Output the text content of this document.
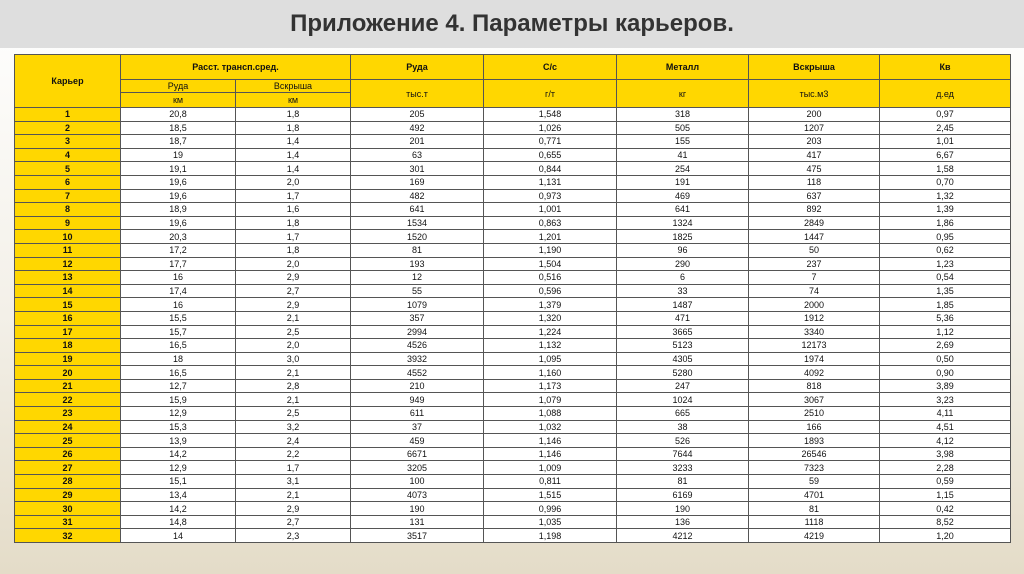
Приложение 4. Параметры карьеров.
Карьер	Расст. трансп.сред.		Руда	С/с	Металл	Вскрыша	Кв
	Руда	Вскрыша	тыс.т	г/т	кг	тыс.м3	д.ед
	км	км					
1	20,8	1,8	205	1,548	318	200	0,97
2	18,5	1,8	492	1,026	505	1207	2,45
3	18,7	1,4	201	0,771	155	203	1,01
4	19	1,4	63	0,655	41	417	6,67
5	19,1	1,4	301	0,844	254	475	1,58
6	19,6	2,0	169	1,131	191	118	0,70
7	19,6	1,7	482	0,973	469	637	1,32
8	18,9	1,6	641	1,001	641	892	1,39
9	19,6	1,8	1534	0,863	1324	2849	1,86
10	20,3	1,7	1520	1,201	1825	1447	0,95
11	17,2	1,8	81	1,190	96	50	0,62
12	17,7	2,0	193	1,504	290	237	1,23
13	16	2,9	12	0,516	6	7	0,54
14	17,4	2,7	55	0,596	33	74	1,35
15	16	2,9	1079	1,379	1487	2000	1,85
16	15,5	2,1	357	1,320	471	1912	5,36
17	15,7	2,5	2994	1,224	3665	3340	1,12
18	16,5	2,0	4526	1,132	5123	12173	2,69
19	18	3,0	3932	1,095	4305	1974	0,50
20	16,5	2,1	4552	1,160	5280	4092	0,90
21	12,7	2,8	210	1,173	247	818	3,89
22	15,9	2,1	949	1,079	1024	3067	3,23
23	12,9	2,5	611	1,088	665	2510	4,11
24	15,3	3,2	37	1,032	38	166	4,51
25	13,9	2,4	459	1,146	526	1893	4,12
26	14,2	2,2	6671	1,146	7644	26546	3,98
27	12,9	1,7	3205	1,009	3233	7323	2,28
28	15,1	3,1	100	0,811	81	59	0,59
29	13,4	2,1	4073	1,515	6169	4701	1,15
30	14,2	2,9	190	0,996	190	81	0,42
31	14,8	2,7	131	1,035	136	1118	8,52
32	14	2,3	3517	1,198	4212	4219	1,20
